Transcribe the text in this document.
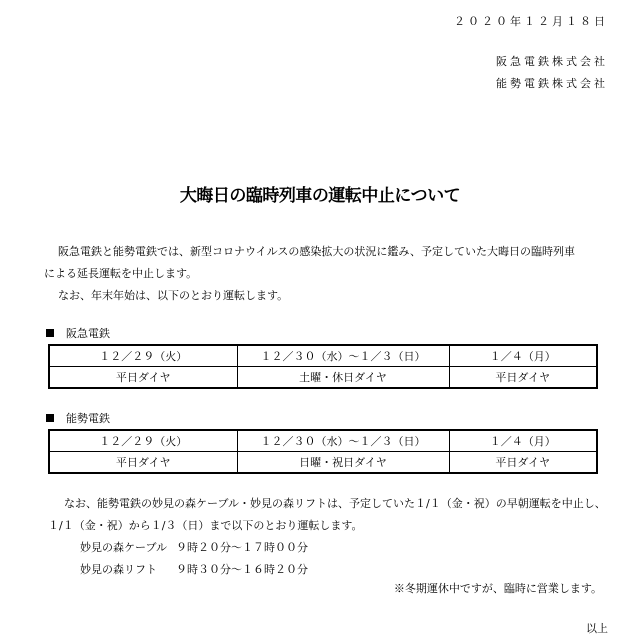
２０２０年１２月１８日
阪急電鉄株式会社
能勢電鉄株式会社
大晦日の臨時列車の運転中止について
阪急電鉄と能勢電鉄では、新型コロナウイルスの感染拡大の状況に鑑み、予定していた大晦日の臨時列車
による延長運転を中止します。
なお、年末年始は、以下のとおり運転します。
阪急電鉄
１２／２９（火）	１２／３０（水）～１／３（日）	１／４（月）
平日ダイヤ	土曜・休日ダイヤ	平日ダイヤ
能勢電鉄
１２／２９（火）	１２／３０（水）～１／３（日）	１／４（月）
平日ダイヤ	日曜・祝日ダイヤ	平日ダイヤ
なお、能勢電鉄の妙見の森ケーブル・妙見の森リフトは、予定していた１/１（金・祝）の早朝運転を中止し、
１/１（金・祝）から１/３（日）まで以下のとおり運転します。
妙見の森ケーブル ９時２０分～１７時００分
妙見の森リフト ９時３０分～１６時２０分
※冬期運休中ですが、臨時に営業します。
以上
